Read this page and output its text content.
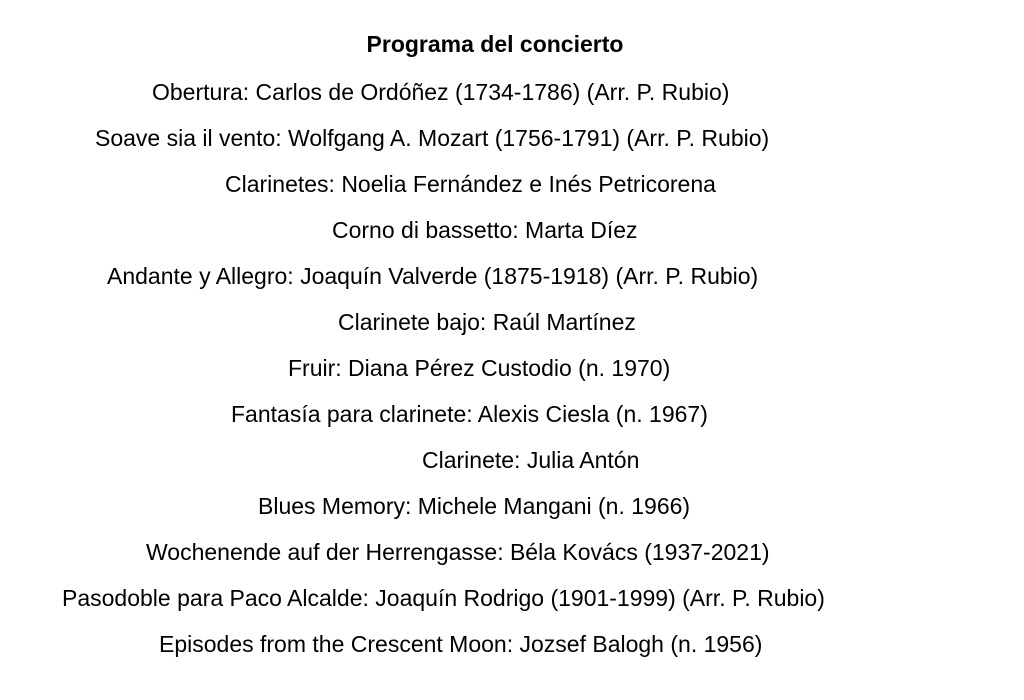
Programa del concierto
Obertura: Carlos de Ordóñez (1734-1786) (Arr. P. Rubio)
Soave sia il vento: Wolfgang A. Mozart (1756-1791) (Arr. P. Rubio)
Clarinetes: Noelia Fernández e Inés Petricorena
Corno di bassetto: Marta Díez
Andante y Allegro: Joaquín Valverde (1875-1918) (Arr. P. Rubio)
Clarinete bajo: Raúl Martínez
Fruir: Diana Pérez Custodio (n. 1970)
Fantasía para clarinete: Alexis Ciesla (n. 1967)
Clarinete: Julia Antón
Blues Memory: Michele Mangani (n. 1966)
Wochenende auf der Herrengasse: Béla Kovács (1937-2021)
Pasodoble para Paco Alcalde: Joaquín Rodrigo (1901-1999) (Arr. P. Rubio)
Episodes from the Crescent Moon: Jozsef Balogh (n. 1956)
